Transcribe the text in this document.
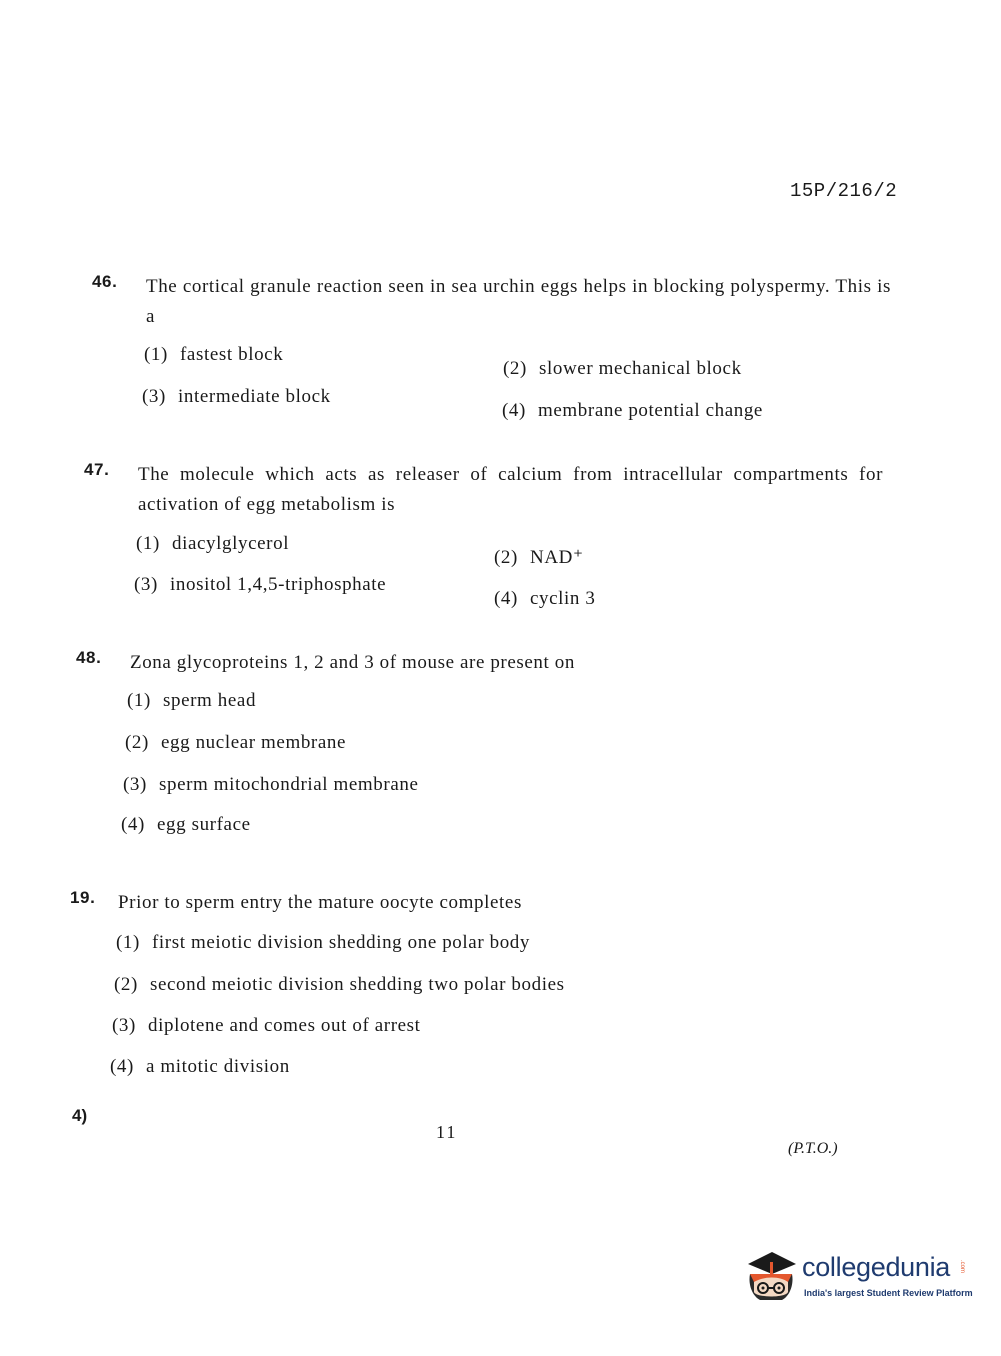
15P/216/2
46. The cortical granule reaction seen in sea urchin eggs helps in blocking polyspermy. This is a
(1) fastest block
(2) slower mechanical block
(3) intermediate block
(4) membrane potential change
47. The molecule which acts as releaser of calcium from intracellular compartments for activation of egg metabolism is
(1) diacylglycerol
(2) NAD⁺
(3) inositol 1,4,5-triphosphate
(4) cyclin 3
48. Zona glycoproteins 1, 2 and 3 of mouse are present on
(1) sperm head
(2) egg nuclear membrane
(3) sperm mitochondrial membrane
(4) egg surface
19. Prior to sperm entry the mature oocyte completes
(1) first meiotic division shedding one polar body
(2) second meiotic division shedding two polar bodies
(3) diplotene and comes out of arrest
(4) a mitotic division
4)
11
(P.T.O.)
collegedunia .com
India's largest Student Review Platform
